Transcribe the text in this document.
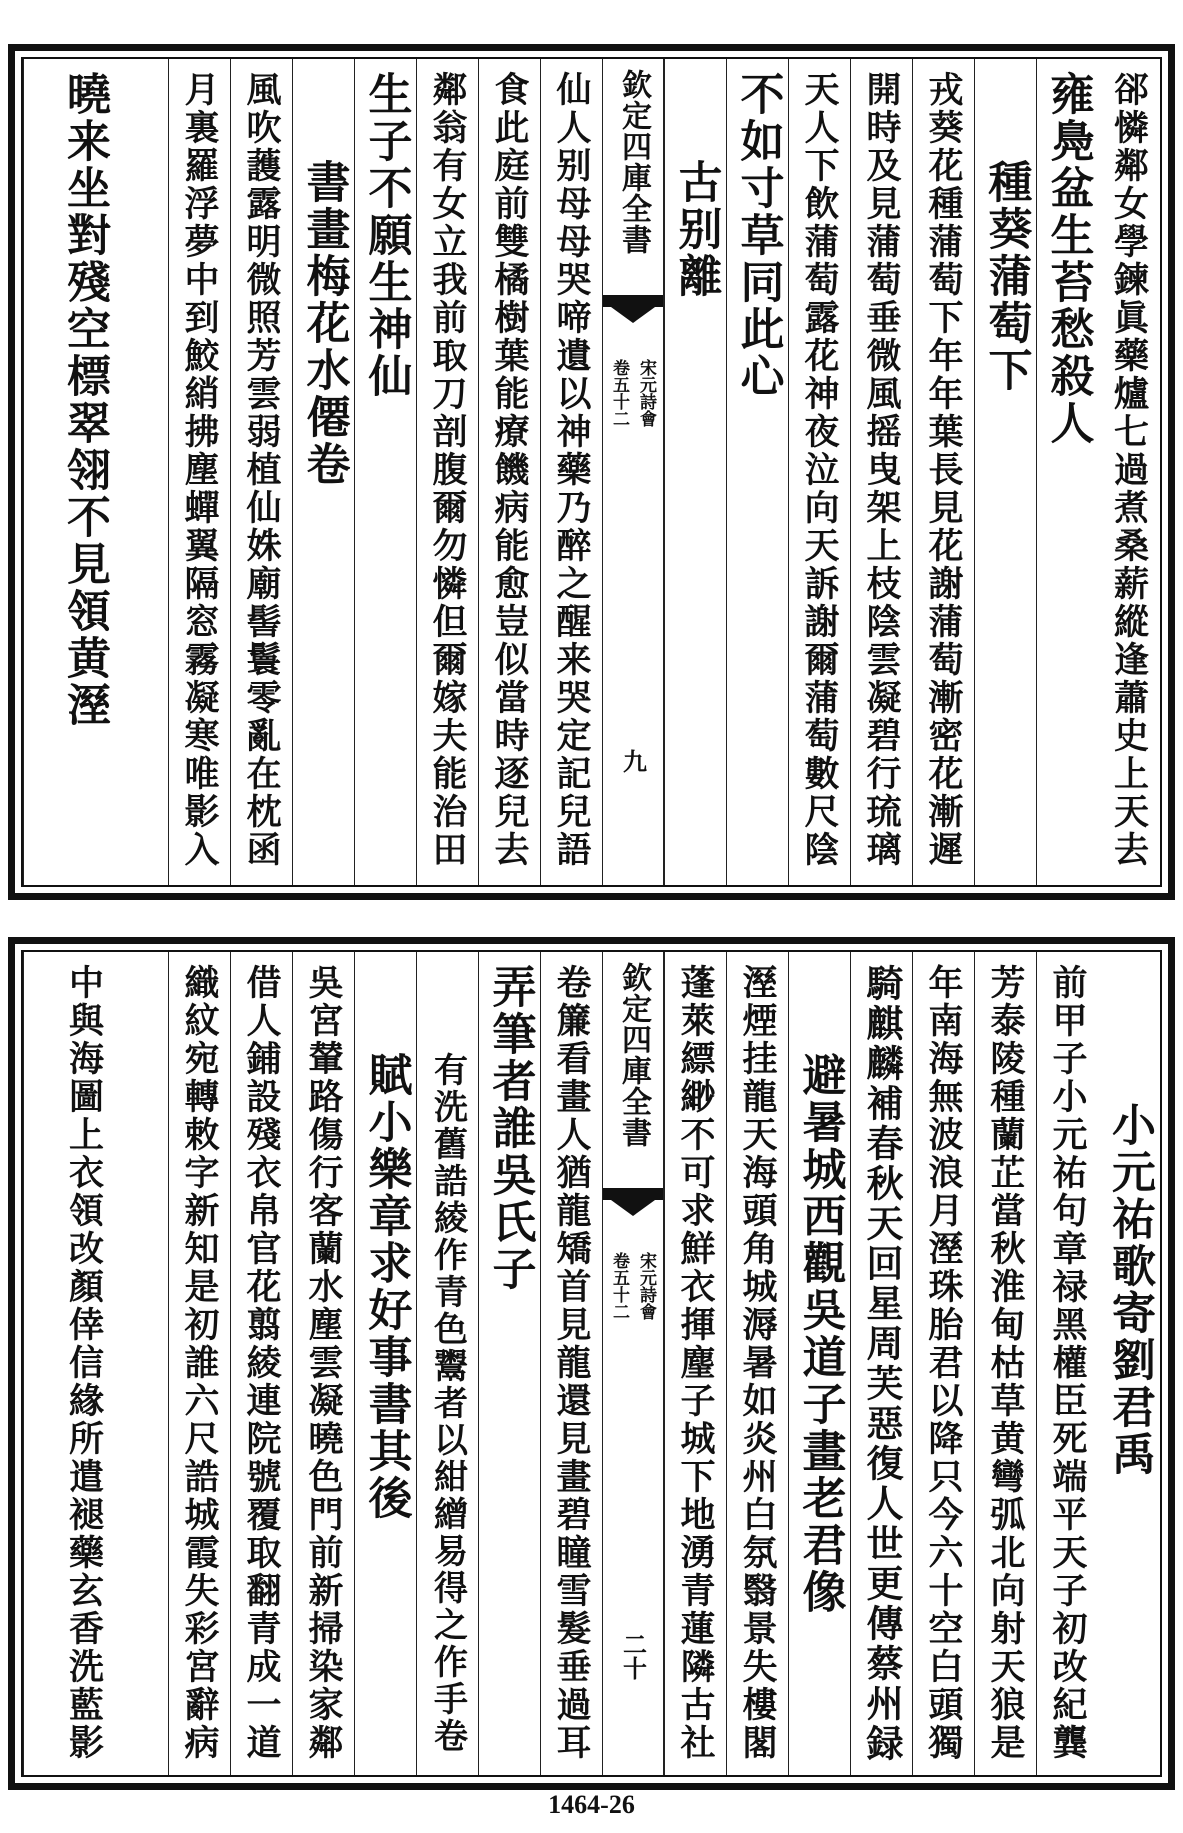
郤憐鄰女學鍊眞藥爐七過煮桑薪縱逢蕭史上天去
雍鳧盆生苔愁殺人
種葵蒲萄下
戎葵花種蒲萄下年年葉長見花謝蒲萄漸密花漸遲
開時及見蒲萄垂微風摇曳架上枝陰雲凝碧行琉璃
天人下飲蒲萄露花神夜泣向天訴謝爾蒲萄數尺陰
不如寸草同此心
古别離
欽定四庫全書
宋元詩會
卷五十二
九
仙人别母母哭啼遺以神藥乃醉之醒来哭定記兒語
食此庭前雙橘樹葉能療饑病能愈豈似當時逐兒去
鄰翁有女立我前取刀剖腹爾勿憐但爾嫁夫能治田
生子不願生神仙
書畫梅花水僊卷
風吹䕶露明微照芳雲弱植仙姝廟髻鬟零亂在枕函
月裏羅浮夢中到鮫綃拂塵蟬翼隔窓霧凝寒唯影入
曉来坐對殘空標翠翎不見領黄溼
小元祐歌寄劉君禹
前甲子小元祐句章禄黑權臣死端平天子初改紀龔
芳泰陵種蘭芷當秋淮甸枯草黄彎弧北向射天狼是
年南海無波浪月溼珠胎君以降只今六十空白頭獨
騎麒麟補春秋天回星周芙惡復人世更傳蔡州録
避暑城西觀吳道子畫老君像
溼煙挂龍天海頭角城溽暑如炎州白氛翳景失樓閣
蓬萊縹緲不可求鮮衣揮麈子城下地湧青蓮隣古社
欽定四庫全書
宋元詩會
卷五十二
二十
卷簾看畫人猶龍矯首見龍還見畫碧瞳雪髮垂過耳
弄筆者誰吳氏子
有洗舊誥綾作青色鬻者以紺繒易得之作手卷
賦小樂章求好事書其後
吳宮輦路傷行客蘭水塵雲凝曉色門前新掃染家鄰
借人鋪設殘衣帛官花翦綾連院號覆取翻青成一道
織紋宛轉敕字新知是初誰六尺誥城霞失彩宮辭病
中與海圖上衣領改顏倖信緣所遣褪藥玄香洗藍影
1464-26
